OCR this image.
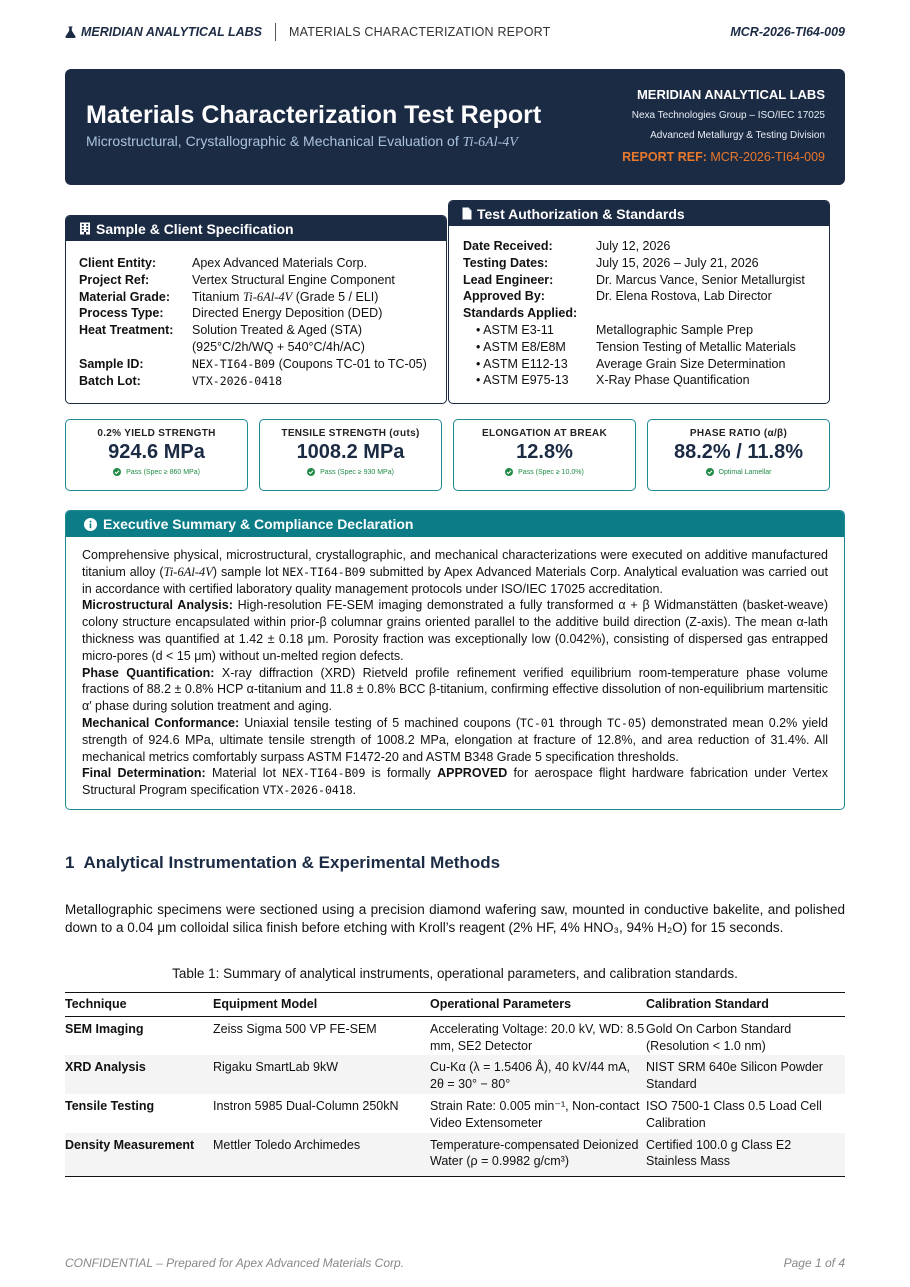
MERIDIAN ANALYTICAL LABS MATERIALS CHARACTERIZATION REPORT	MCR-2026-TI64-009
Materials Characterization Test Report
Microstructural, Crystallographic & Mechanical Evaluation of Ti-6Al-4V
MERIDIAN ANALYTICAL LABS
Nexa Technologies Group – ISO/IEC 17025
Advanced Metallurgy & Testing Division
REPORT REF: MCR-2026-TI64-009
Sample & Client Specification
Client Entity:	Apex Advanced Materials Corp.
Project Ref:	Vertex Structural Engine Component
Material Grade:	Titanium Ti-6Al-4V (Grade 5 / ELI)
Process Type:	Directed Energy Deposition (DED)
Heat Treatment:	Solution Treated & Aged (STA)
(925°C/2h/WQ + 540°C/4h/AC)
Sample ID:	NEX-TI64-B09 (Coupons TC-01 to TC-05)
Batch Lot:	VTX-2026-0418
Test Authorization & Standards
Date Received:	July 12, 2026
Testing Dates:	July 15, 2026 – July 21, 2026
Lead Engineer:	Dr. Marcus Vance, Senior Metallurgist
Approved By:	Dr. Elena Rostova, Lab Director
Standards Applied:
• ASTM E3-11	Metallographic Sample Prep
• ASTM E8/E8M	Tension Testing of Metallic Materials
• ASTM E112-13	Average Grain Size Determination
• ASTM E975-13	X-Ray Phase Quantification
0.2% YIELD STRENGTH
924.6 MPa
Pass (Spec ≥ 860 MPa)
TENSILE STRENGTH (σuts)
1008.2 MPa
Pass (Spec ≥ 930 MPa)
ELONGATION AT BREAK
12.8%
Pass (Spec ≥ 10.0%)
PHASE RATIO (α/β)
88.2% / 11.8%
Optimal Lamellar
Executive Summary & Compliance Declaration

Comprehensive physical, microstructural, crystallographic, and mechanical characterizations were executed on additive manufactured titanium alloy (Ti-6Al-4V) sample lot NEX-TI64-B09 submitted by Apex Advanced Materials Corp. Analytical evaluation was carried out in accordance with certified laboratory quality management protocols under ISO/IEC 17025 accreditation.

Microstructural Analysis: High-resolution FE-SEM imaging demonstrated a fully transformed α + β Widmanstätten (basket-weave) colony structure encapsulated within prior-β columnar grains oriented parallel to the additive build direction (Z-axis). The mean α-lath thickness was quantified at 1.42 ± 0.18 μm. Porosity fraction was exceptionally low (0.042%), consisting of dispersed gas entrapped micro-pores (d < 15 μm) without un-melted region defects.

Phase Quantification: X-ray diffraction (XRD) Rietveld profile refinement verified equilibrium room-temperature phase volume fractions of 88.2 ± 0.8% HCP α-titanium and 11.8 ± 0.8% BCC β-titanium, confirming effective dissolution of non-equilibrium martensitic α′ phase during solution treatment and aging.

Mechanical Conformance: Uniaxial tensile testing of 5 machined coupons (TC-01 through TC-05) demonstrated mean 0.2% yield strength of 924.6 MPa, ultimate tensile strength of 1008.2 MPa, elongation at fracture of 12.8%, and area reduction of 31.4%. All mechanical metrics comfortably surpass ASTM F1472-20 and ASTM B348 Grade 5 specification thresholds.

Final Determination: Material lot NEX-TI64-B09 is formally APPROVED for aerospace flight hardware fabrication under Vertex Structural Program specification VTX-2026-0418.

1 Analytical Instrumentation & Experimental Methods
Metallographic specimens were sectioned using a precision diamond wafering saw, mounted in conductive bakelite, and polished down to a 0.04 μm colloidal silica finish before etching with Kroll’s reagent (2% HF, 4% HNO₃, 94% H₂O) for 15 seconds.
Table 1: Summary of analytical instruments, operational parameters, and calibration standards.
Technique	Equipment Model	Operational Parameters	Calibration Standard
SEM Imaging	Zeiss Sigma 500 VP FE-SEM	Accelerating Voltage: 20.0 kV, WD: 8.5 mm, SE2 Detector	Gold On Carbon Standard (Resolution < 1.0 nm)
XRD Analysis	Rigaku SmartLab 9kW	Cu-Kα (λ = 1.5406 Å), 40 kV/44 mA, 2θ = 30° − 80°	NIST SRM 640e Silicon Powder Standard
Tensile Testing	Instron 5985 Dual-Column 250kN	Strain Rate: 0.005 min⁻¹, Non-contact Video Extensometer	ISO 7500-1 Class 0.5 Load Cell Calibration
Density Measurement	Mettler Toledo Archimedes	Temperature-compensated Deionized Water (ρ = 0.9982 g/cm³)	Certified 100.0 g Class E2 Stainless Mass
CONFIDENTIAL – Prepared for Apex Advanced Materials Corp.	Page 1 of 4
